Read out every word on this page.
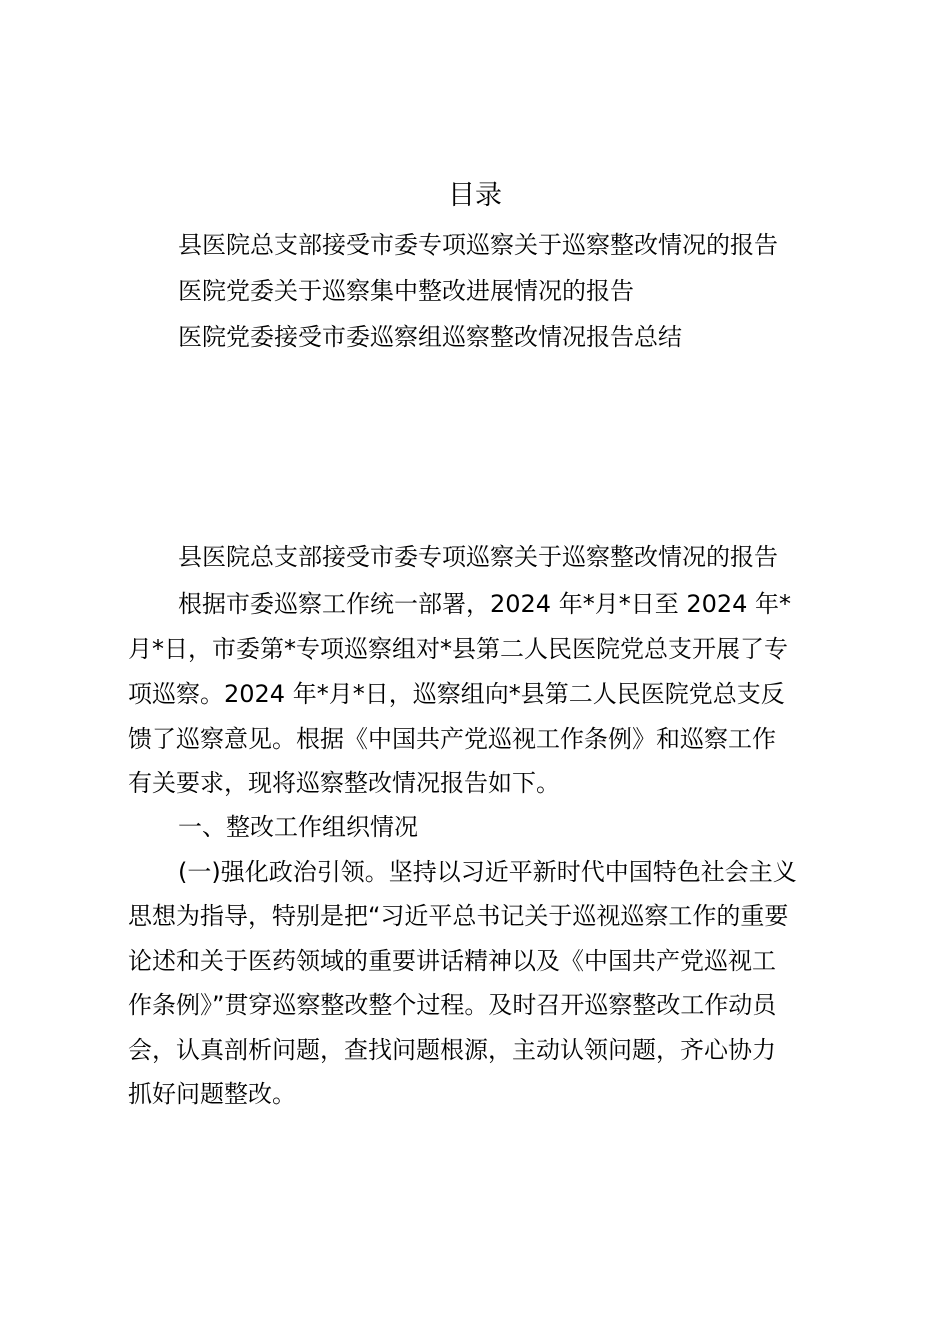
目录
县医院总支部接受市委专项巡察关于巡察整改情况的报告
医院党委关于巡察集中整改进展情况的报告
医院党委接受市委巡察组巡察整改情况报告总结
县医院总支部接受市委专项巡察关于巡察整改情况的报告
根据市委巡察工作统一部署，2024 年*月*日至 2024 年*
月*日，市委第*专项巡察组对*县第二人民医院党总支开展了专
项巡察。2024 年*月*日，巡察组向*县第二人民医院党总支反
馈了巡察意见。根据《中国共产党巡视工作条例》和巡察工作
有关要求，现将巡察整改情况报告如下。
一、整改工作组织情况
(一)强化政治引领。坚持以习近平新时代中国特色社会主义
思想为指导，特别是把“习近平总书记关于巡视巡察工作的重要
论述和关于医药领域的重要讲话精神以及《中国共产党巡视工
作条例》”贯穿巡察整改整个过程。及时召开巡察整改工作动员
会，认真剖析问题，查找问题根源，主动认领问题，齐心协力
抓好问题整改。
